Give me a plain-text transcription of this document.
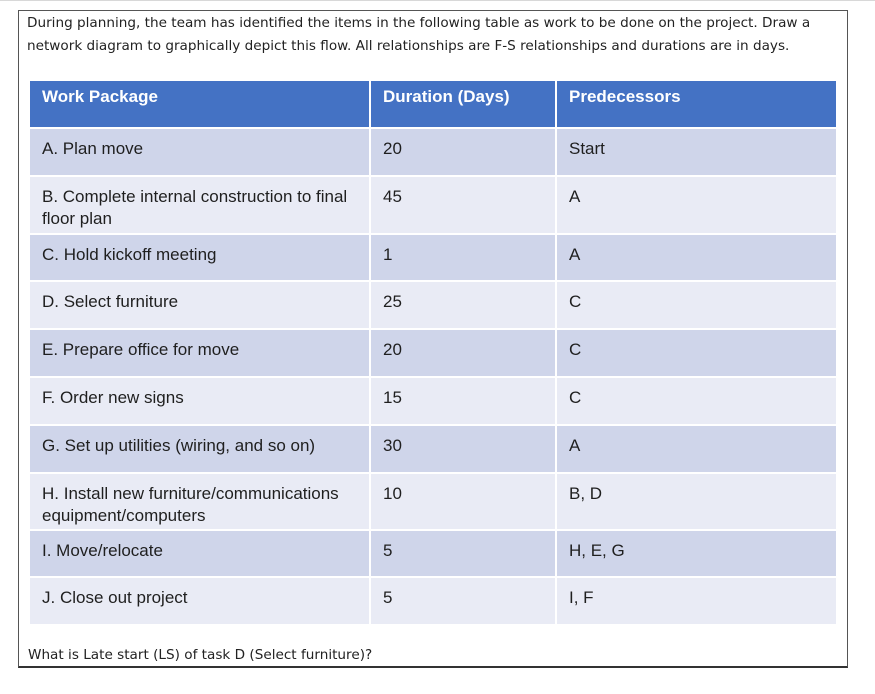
During planning, the team has identified the items in the following table as work to be done on the project. Draw a network diagram to graphically depict this flow. All relationships are F-S relationships and durations are in days.

Work Package	Duration (Days)	Predecessors
A. Plan move	20	Start
B. Complete internal construction to final floor plan	45	A
C. Hold kickoff meeting	1	A
D. Select furniture	25	C
E. Prepare office for move	20	C
F. Order new signs	15	C
G. Set up utilities (wiring, and so on)	30	A
H. Install new furniture/communications equipment/computers	10	B, D
I. Move/relocate	5	H, E, G
J. Close out project	5	I, F

What is Late start (LS) of task D (Select furniture)?
